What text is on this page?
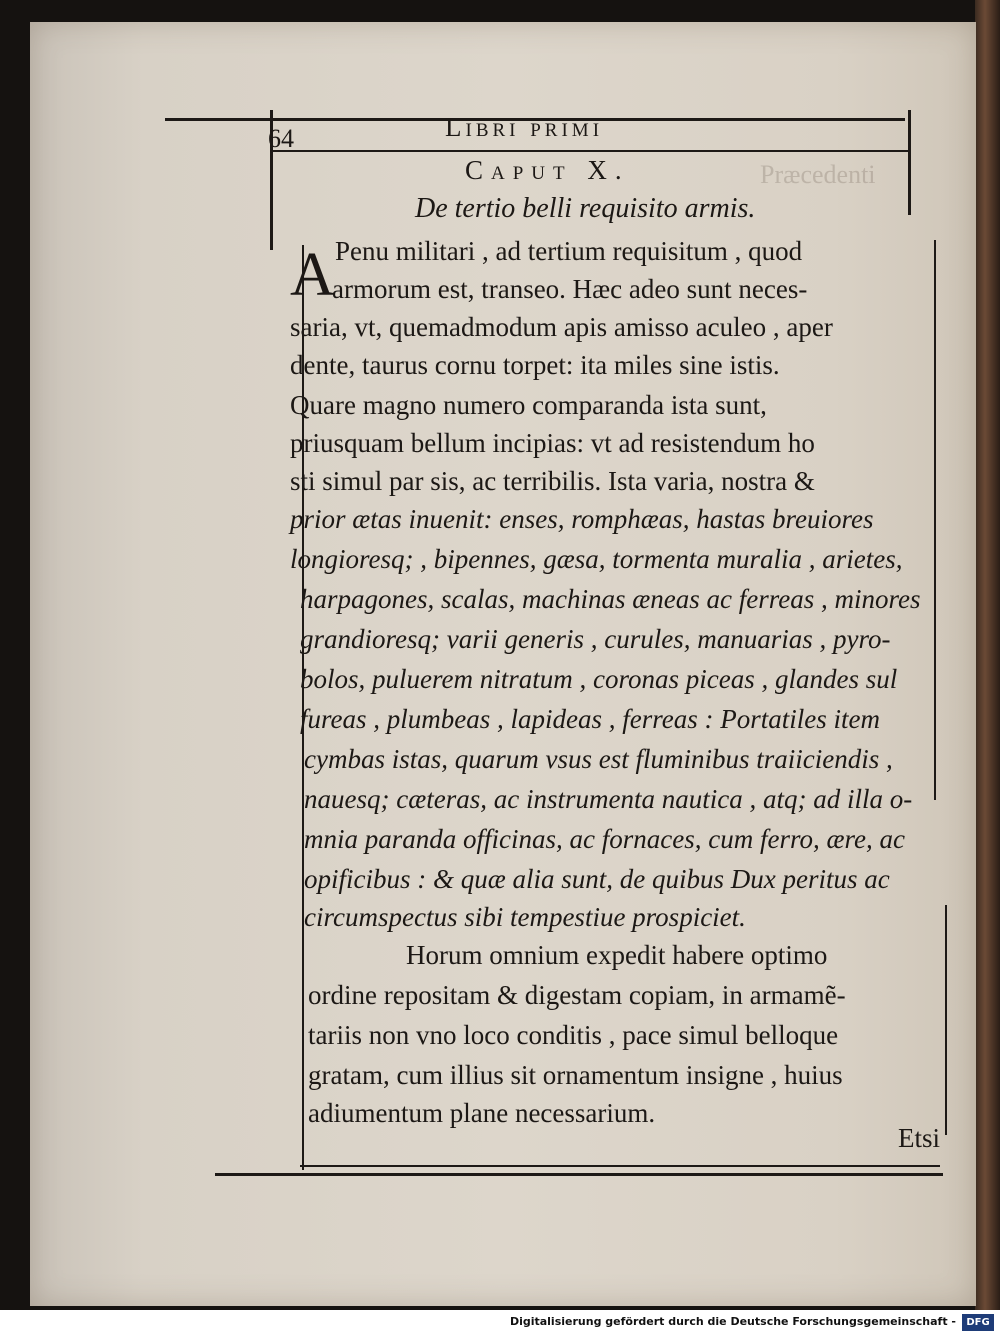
Præcedenti
64	Libri primi
Caput X.
De tertio belli requisito armis.
A Penu militari , ad tertium requisitum , quod
armorum est, transeo. Hæc adeo sunt neces-
saria, vt, quemadmodum apis amisso aculeo , aper
dente, taurus cornu torpet: ita miles sine istis.
Quare magno numero comparanda ista sunt,
priusquam bellum incipias: vt ad resistendum ho
sti simul par sis, ac terribilis. Ista varia, nostra &
prior ætas inuenit: enses, romphæas, hastas breuiores
longioresq; , bipennes, gæsa, tormenta muralia , arietes,
harpagones, scalas, machinas æneas ac ferreas , minores
grandioresq; varii generis , curules, manuarias , pyro-
bolos, puluerem nitratum , coronas piceas , glandes sul
fureas , plumbeas , lapideas , ferreas : Portatiles item
cymbas istas, quarum vsus est fluminibus traiiciendis ,
nauesq; cæteras, ac instrumenta nautica , atq; ad illa o-
mnia paranda officinas, ac fornaces, cum ferro, ære, ac
opificibus : & quæ alia sunt, de quibus Dux peritus ac
circumspectus sibi tempestiue prospiciet.
Horum omnium expedit habere optimo
ordine repositam & digestam copiam, in armamẽ-
tariis non vno loco conditis , pace simul belloque
gratam, cum illius sit ornamentum insigne , huius
adiumentum plane necessarium.
Etsi
Digitalisierung gefördert durch die Deutsche Forschungsgemeinschaft -	DFG
